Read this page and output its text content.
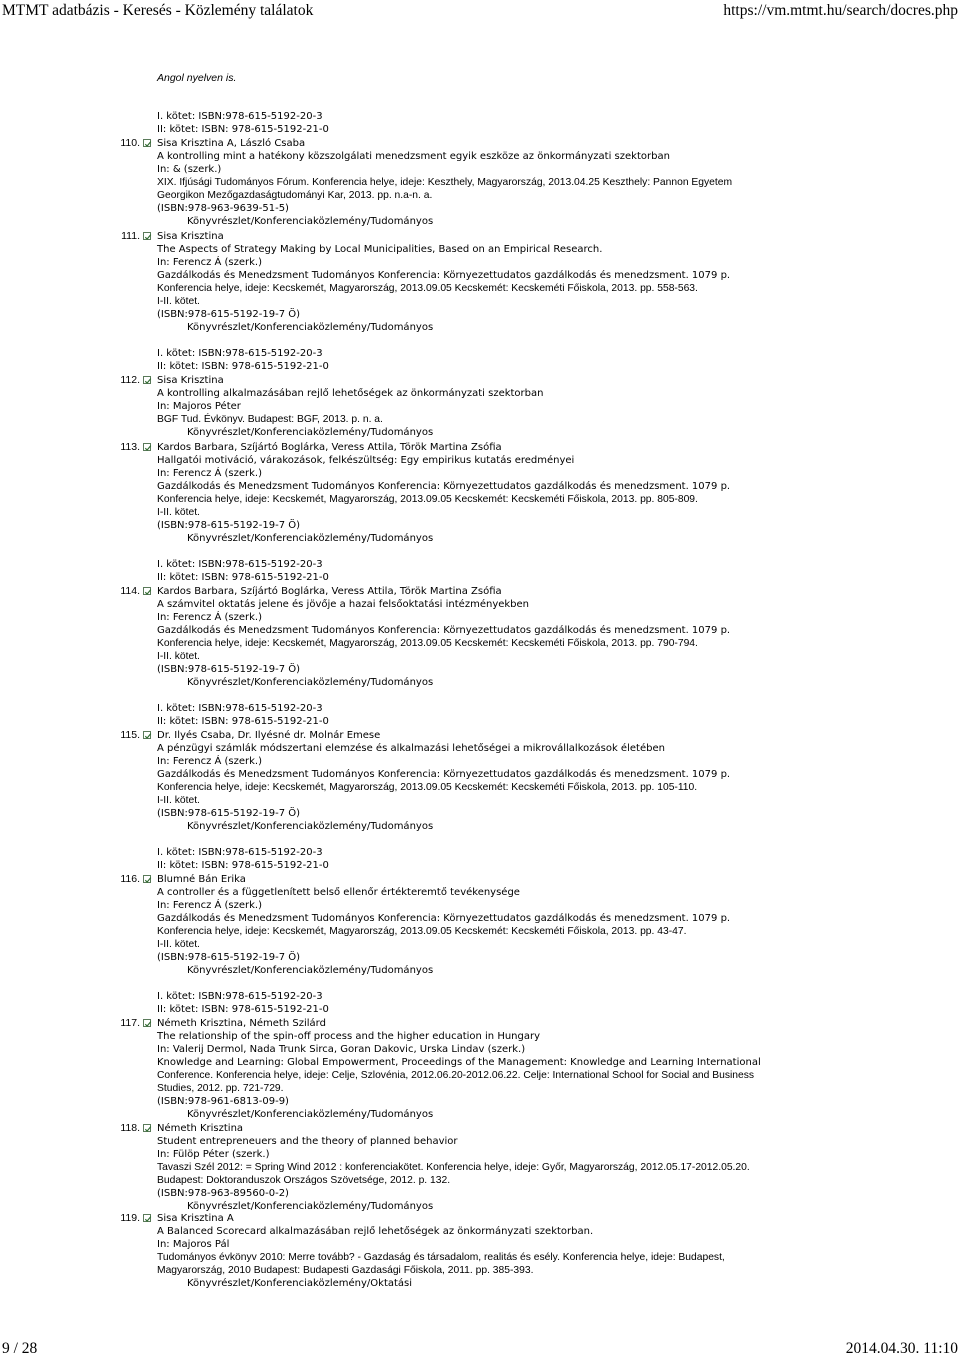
MTMT adatbázis - Keresés - Közlemény találatok	https://vm.mtmt.hu/search/docres.php
Angol nyelven is.
I. kötet: ISBN:978-615-5192-20-3
II: kötet: ISBN: 978-615-5192-21-0
110. Sisa Krisztina A, László Csaba
A kontrolling mint a hatékony közszolgálati menedzsment egyik eszköze az önkormányzati szektorban
In: & (szerk.)
XIX. Ifjúsági Tudományos Fórum. Konferencia helye, ideje: Keszthely, Magyarország, 2013.04.25 Keszthely: Pannon Egyetem
Georgikon Mezőgazdaságtudományi Kar, 2013. pp. n.a-n. a.
(ISBN:978-963-9639-51-5)
Könyvrészlet/Konferenciaközlemény/Tudományos
111. Sisa Krisztina
The Aspects of Strategy Making by Local Municipalities, Based on an Empirical Research.
In: Ferencz Á (szerk.)
Gazdálkodás és Menedzsment Tudományos Konferencia: Környezettudatos gazdálkodás és menedzsment. 1079 p.
Konferencia helye, ideje: Kecskemét, Magyarország, 2013.09.05 Kecskemét: Kecskeméti Főiskola, 2013. pp. 558-563.
I-II. kötet.
(ISBN:978-615-5192-19-7 Ö)
Könyvrészlet/Konferenciaközlemény/Tudományos
I. kötet: ISBN:978-615-5192-20-3
II: kötet: ISBN: 978-615-5192-21-0
112. Sisa Krisztina
A kontrolling alkalmazásában rejlő lehetőségek az önkormányzati szektorban
In: Majoros Péter
BGF Tud. Évkönyv. Budapest: BGF, 2013. p. n. a.
Könyvrészlet/Konferenciaközlemény/Tudományos
113. Kardos Barbara, Szíjártó Boglárka, Veress Attila, Török Martina Zsófia
Hallgatói motiváció, várakozások, felkészültség: Egy empirikus kutatás eredményei
In: Ferencz Á (szerk.)
Gazdálkodás és Menedzsment Tudományos Konferencia: Környezettudatos gazdálkodás és menedzsment. 1079 p.
Konferencia helye, ideje: Kecskemét, Magyarország, 2013.09.05 Kecskemét: Kecskeméti Főiskola, 2013. pp. 805-809.
I-II. kötet.
(ISBN:978-615-5192-19-7 Ö)
Könyvrészlet/Konferenciaközlemény/Tudományos
I. kötet: ISBN:978-615-5192-20-3
II: kötet: ISBN: 978-615-5192-21-0
114. Kardos Barbara, Szíjártó Boglárka, Veress Attila, Török Martina Zsófia
A számvitel oktatás jelene és jövője a hazai felsőoktatási intézményekben
In: Ferencz Á (szerk.)
Gazdálkodás és Menedzsment Tudományos Konferencia: Környezettudatos gazdálkodás és menedzsment. 1079 p.
Konferencia helye, ideje: Kecskemét, Magyarország, 2013.09.05 Kecskemét: Kecskeméti Főiskola, 2013. pp. 790-794.
I-II. kötet.
(ISBN:978-615-5192-19-7 Ö)
Könyvrészlet/Konferenciaközlemény/Tudományos
I. kötet: ISBN:978-615-5192-20-3
II: kötet: ISBN: 978-615-5192-21-0
115. Dr. Ilyés Csaba, Dr. Ilyésné dr. Molnár Emese
A pénzügyi számlák módszertani elemzése és alkalmazási lehetőségei a mikrovállalkozások életében
In: Ferencz Á (szerk.)
Gazdálkodás és Menedzsment Tudományos Konferencia: Környezettudatos gazdálkodás és menedzsment. 1079 p.
Konferencia helye, ideje: Kecskemét, Magyarország, 2013.09.05 Kecskemét: Kecskeméti Főiskola, 2013. pp. 105-110.
I-II. kötet.
(ISBN:978-615-5192-19-7 Ö)
Könyvrészlet/Konferenciaközlemény/Tudományos
I. kötet: ISBN:978-615-5192-20-3
II: kötet: ISBN: 978-615-5192-21-0
116. Blumné Bán Erika
A controller és a függetlenített belső ellenőr értékteremtő tevékenysége
In: Ferencz Á (szerk.)
Gazdálkodás és Menedzsment Tudományos Konferencia: Környezettudatos gazdálkodás és menedzsment. 1079 p.
Konferencia helye, ideje: Kecskemét, Magyarország, 2013.09.05 Kecskemét: Kecskeméti Főiskola, 2013. pp. 43-47.
I-II. kötet.
(ISBN:978-615-5192-19-7 Ö)
Könyvrészlet/Konferenciaközlemény/Tudományos
I. kötet: ISBN:978-615-5192-20-3
II: kötet: ISBN: 978-615-5192-21-0
117. Németh Krisztina, Németh Szilárd
The relationship of the spin-off process and the higher education in Hungary
In: Valerij Dermol, Nada Trunk Sirca, Goran Dakovic, Urska Lindav (szerk.)
Knowledge and Learning: Global Empowerment, Proceedings of the Management: Knowledge and Learning International
Conference. Konferencia helye, ideje: Celje, Szlovénia, 2012.06.20-2012.06.22. Celje: International School for Social and Business
Studies, 2012. pp. 721-729.
(ISBN:978-961-6813-09-9)
Könyvrészlet/Konferenciaközlemény/Tudományos
118. Németh Krisztina
Student entrepreneuers and the theory of planned behavior
In: Fülöp Péter (szerk.)
Tavaszi Szél 2012: = Spring Wind 2012 : konferenciakötet. Konferencia helye, ideje: Győr, Magyarország, 2012.05.17-2012.05.20.
Budapest: Doktoranduszok Országos Szövetsége, 2012. p. 132.
(ISBN:978-963-89560-0-2)
Könyvrészlet/Konferenciaközlemény/Tudományos
119. Sisa Krisztina A
A Balanced Scorecard alkalmazásában rejlő lehetőségek az önkormányzati szektorban.
In: Majoros Pál
Tudományos évkönyv 2010: Merre tovább? - Gazdaság és társadalom, realitás és esély. Konferencia helye, ideje: Budapest,
Magyarország, 2010 Budapest: Budapesti Gazdasági Főiskola, 2011. pp. 385-393.
Könyvrészlet/Konferenciaközlemény/Oktatási
9 / 28	2014.04.30. 11:10
